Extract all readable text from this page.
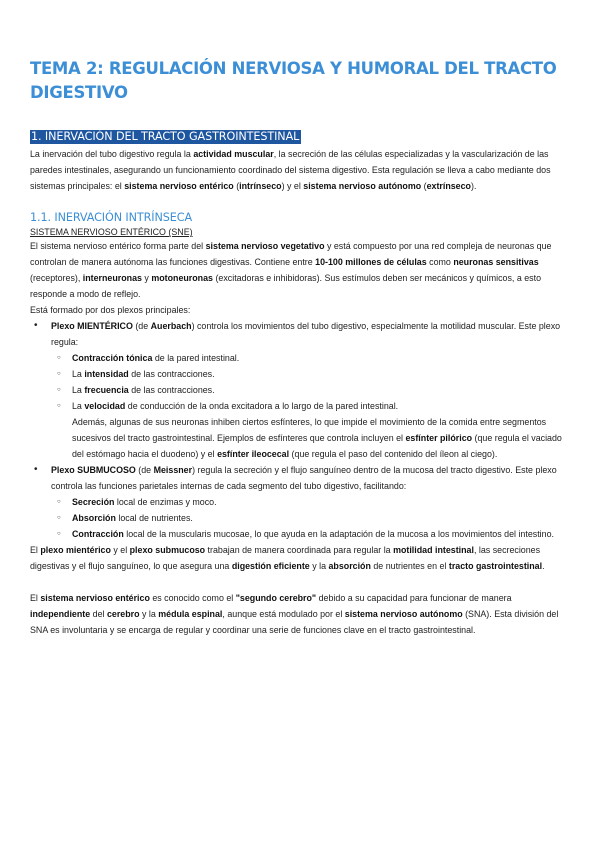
TEMA 2: REGULACIÓN NERVIOSA Y HUMORAL DEL TRACTO DIGESTIVO
1. INERVACIÓN DEL TRACTO GASTROINTESTINAL

La inervación del tubo digestivo regula la actividad muscular, la secreción de las células especializadas y la vascularización de las paredes intestinales, asegurando un funcionamiento coordinado del sistema digestivo. Esta regulación se lleva a cabo mediante dos sistemas principales: el sistema nervioso entérico (intrínseco) y el sistema nervioso autónomo (extrínseco).

1.1. INERVACIÓN INTRÍNSECA
SISTEMA NERVIOSO ENTÉRICO (SNE)

El sistema nervioso entérico forma parte del sistema nervioso vegetativo y está compuesto por una red compleja de neuronas que controlan de manera autónoma las funciones digestivas. Contiene entre 10-100 millones de células como neuronas sensitivas (receptores), interneuronas y motoneuronas (excitadoras e inhibidoras). Sus estímulos deben ser mecánicos y químicos, a esto responde a modo de reflejo.

Está formado por dos plexos principales:

• Plexo MIENTÉRICO (de Auerbach) controla los movimientos del tubo digestivo, especialmente la motilidad muscular. Este plexo regula:
○ Contracción tónica de la pared intestinal.
○ La intensidad de las contracciones.
○ La frecuencia de las contracciones.
○ La velocidad de conducción de la onda excitadora a lo largo de la pared intestinal.
Además, algunas de sus neuronas inhiben ciertos esfínteres, lo que impide el movimiento de la comida entre segmentos sucesivos del tracto gastrointestinal. Ejemplos de esfínteres que controla incluyen el esfínter pilórico (que regula el vaciado del estómago hacia el duodeno) y el esfínter ileocecal (que regula el paso del contenido del íleon al ciego).
• Plexo SUBMUCOSO (de Meissner) regula la secreción y el flujo sanguíneo dentro de la mucosa del tracto digestivo. Este plexo controla las funciones parietales internas de cada segmento del tubo digestivo, facilitando:
○ Secreción local de enzimas y moco.
○ Absorción local de nutrientes.
○ Contracción local de la muscularis mucosae, lo que ayuda en la adaptación de la mucosa a los movimientos del intestino.

El plexo mientérico y el plexo submucoso trabajan de manera coordinada para regular la motilidad intestinal, las secreciones digestivas y el flujo sanguíneo, lo que asegura una digestión eficiente y la absorción de nutrientes en el tracto gastrointestinal.

El sistema nervioso entérico es conocido como el "segundo cerebro" debido a su capacidad para funcionar de manera independiente del cerebro y la médula espinal, aunque está modulado por el sistema nervioso autónomo (SNA). Esta división del SNA es involuntaria y se encarga de regular y coordinar una serie de funciones clave en el tracto gastrointestinal.
